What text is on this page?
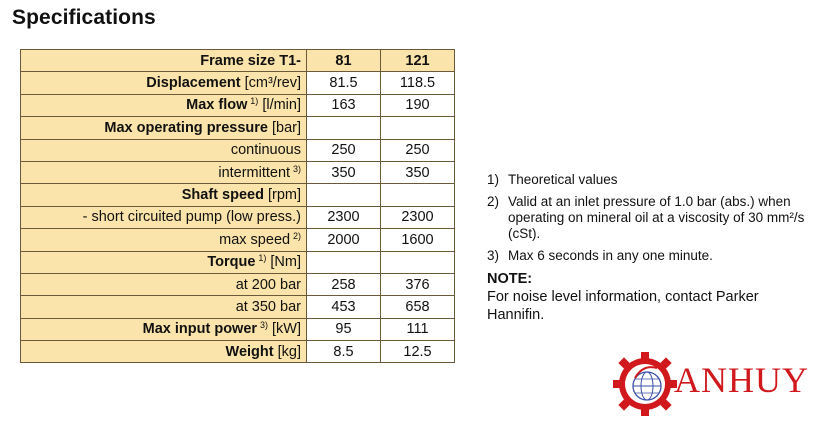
Specifications
Frame size T1-	81	121
Displacement [cm³/rev]	81.5	118.5
Max flow  $^{1)}$ [l/min]	163	190
Max operating pressure [bar]		
continuous	250	250
intermittent  $^{3)}$	350	350
Shaft speed [rpm]		
- short circuited pump (low press.)	2300	2300
max speed  $^{2)}$	2000	1600
Torque  $^{1)}$ [Nm]		
at 200 bar	258	376
at 350 bar	453	658
Max input power  $^{3)}$ [kW]	95	111
Weight [kg]	8.5	12.5
1) Theoretical values
2) Valid at an inlet pressure of 1.0 bar (abs.) when operating on mineral oil at a viscosity of 30 mm²/s (cSt).
3) Max 6 seconds in any one minute.
NOTE:
For noise level information, contact Parker Hannifin.
ANHUY
